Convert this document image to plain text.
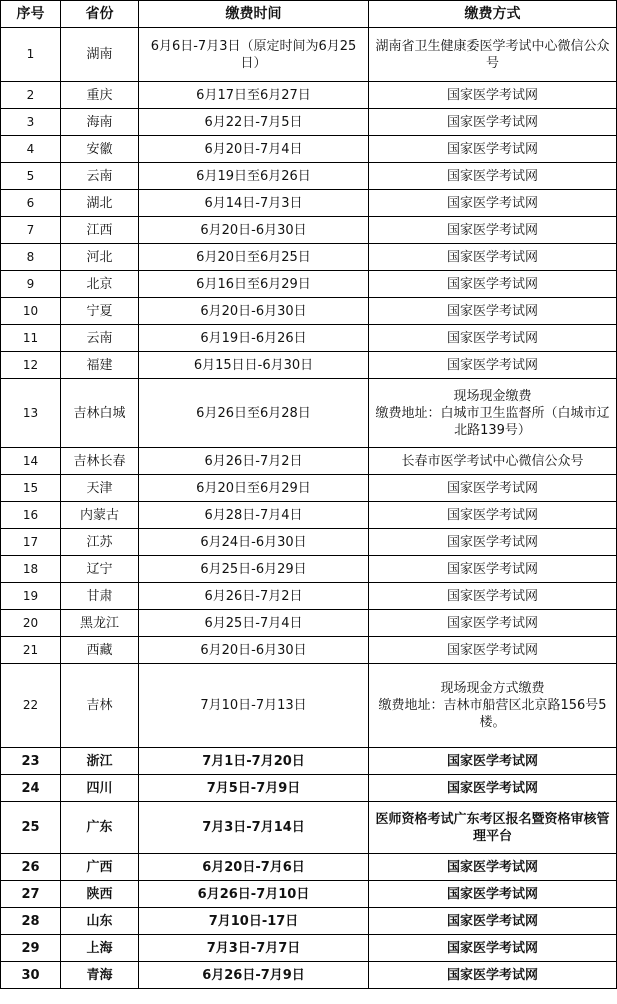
序号	省份	缴费时间	缴费方式
1	湖南	6月6日-7月3日（原定时间为6月25日）	湖南省卫生健康委医学考试中心微信公众号
2	重庆	6月17日至6月27日	国家医学考试网
3	海南	6月22日-7月5日	国家医学考试网
4	安徽	6月20日-7月4日	国家医学考试网
5	云南	6月19日至6月26日	国家医学考试网
6	湖北	6月14日-7月3日	国家医学考试网
7	江西	6月20日-6月30日	国家医学考试网
8	河北	6月20日至6月25日	国家医学考试网
9	北京	6月16日至6月29日	国家医学考试网
10	宁夏	6月20日-6月30日	国家医学考试网
11	云南	6月19日-6月26日	国家医学考试网
12	福建	6月15日日-6月30日	国家医学考试网
13	吉林白城	6月26日至6月28日	现场现金缴费
缴费地址：白城市卫生监督所（白城市辽北路139号）
14	吉林长春	6月26日-7月2日	长春市医学考试中心微信公众号
15	天津	6月20日至6月29日	国家医学考试网
16	内蒙古	6月28日-7月4日	国家医学考试网
17	江苏	6月24日-6月30日	国家医学考试网
18	辽宁	6月25日-6月29日	国家医学考试网
19	甘肃	6月26日-7月2日	国家医学考试网
20	黑龙江	6月25日-7月4日	国家医学考试网
21	西藏	6月20日-6月30日	国家医学考试网
22	吉林	7月10日-7月13日	现场现金方式缴费
缴费地址：吉林市船营区北京路156号5楼。
23	浙江	7月1日-7月20日	国家医学考试网
24	四川	7月5日-7月9日	国家医学考试网
25	广东	7月3日-7月14日	医师资格考试广东考区报名暨资格审核管理平台
26	广西	6月20日-7月6日	国家医学考试网
27	陕西	6月26日-7月10日	国家医学考试网
28	山东	7月10日-17日	国家医学考试网
29	上海	7月3日-7月7日	国家医学考试网
30	青海	6月26日-7月9日	国家医学考试网
